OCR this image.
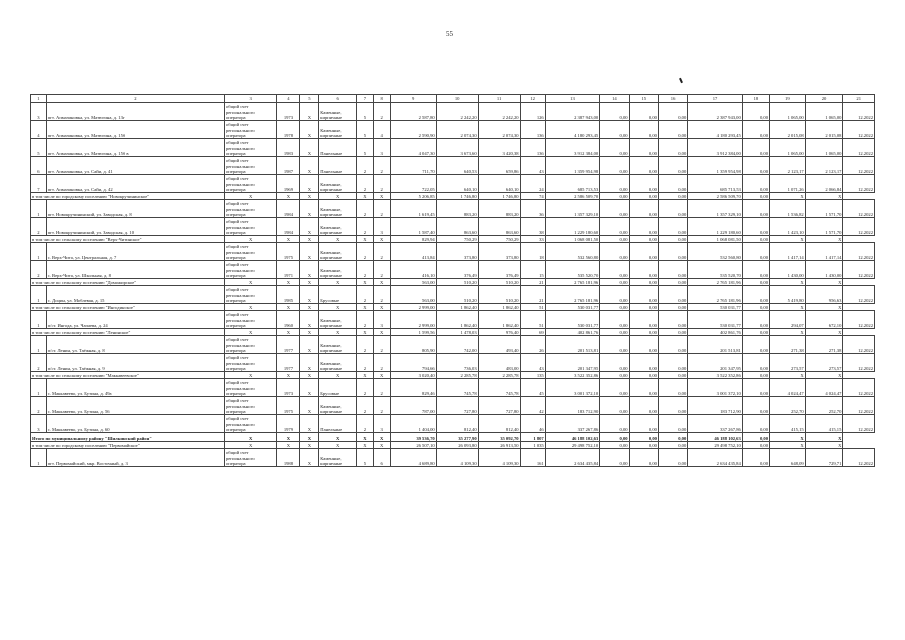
55
1	2	3	4	5	6	7	8	9	10	11	12	13	14	15	16	17	18	19	20	21
3	пгт. Апмазиновка, ул. Матюгина, д. 13г	общий счет регионального оператора	1973	X	Каменные, кирпичные	5	2	2 587,80	2 242,20	2 242,20	126	2 387 943,00	0,00	0,00	0,00	2 387 943,00	0,00	1 065,00	1 065,00	12.2022
4	пгт. Апмазиновка, ул. Матюгина, д. 15б	общий счет регионального оператора	1978	X	Каменные, кирпичные	5	4	2 590,90	2 074,30	2 074,30	136	4 180 293,45	0,00	0,00	0,00	4 180 293,45	0,00	2 015,08	2 015,08	12.2022
5	пгт. Апмазиновка, ул. Матюгина, д. 15б в	общий счет регионального оператора	1983	X	Панельные	5	3	4 047,30	3 673,60	3 420,38	136	3 912 384,00	0,00	0,00	0,00	3 912 384,00	0,00	1 065,00	1 065,00	12.2022
6	пгт. Апмазиновка, ул. Сайи, д. 41	общий счет регионального оператора	1987	X	Панельные	2	2	711,70	640,53	659,86	43	1 359 954,98	0,00	0,00	0,00	1 359 954,98	0,00	2 123,17	2 123,17	12.2022
7	пгт. Апмазиновка, ул. Сайи, д. 42	общий счет регионального оператора	1969	X	Каменные, кирпичные	2	2	722,05	640,10	640,10	24	685 713,53	0,00	0,00	0,00	685 713,53	0,00	1 071,26	2 066,84	12.2022
в том числе по городскому поселению "Новокручининское"		X	X	X	X	X	X	5 206,85	1 746,80	1 746,80	74	2 586 509,70	0,00	0,00	0,00	2 586 509,70	0,00	X	X	
1	пгт. Новокручининский, ул. Заводская, д. 8	общий счет регионального оператора	1984	X	Каменные, кирпичные	2	2	1 619,45	883,20	883,20	36	1 357 329,10	0,00	0,00	0,00	1 357 329,10	0,00	1 536,82	1 571,70	12.2022
2	пгт. Новокручининский, ул. Заводская, д. 10	общий счет регионального оператора	1984	X	Каменные, кирпичные	2	3	1 587,40	863,60	863,60	38	1 229 180,60	0,00	0,00	0,00	1 229 180,60	0,00	1 423,10	1 571,70	12.2022
в том числе по сельскому поселению "Верх-Читинское"		X	X	X	X	X	X	829,94	750,29	750,29	33	1 068 081,50	0,00	0,00	0,00	1 068 081,50	0,00	X	X	
1	с. Верх-Чита, ул. Центральная, д. 7	общий счет регионального оператора	1975	X	Каменные, кирпичные	2	2	413,84	373,80	373,80	18	532 560,80	0,00	0,00	0,00	532 560,80	0,00	1 417,14	1 417,14	12.2022
2	с. Верх-Чита, ул. Школьная, д. 8	общий счет регионального оператора	1971	X	Каменные, кирпичные	2	2	416,10	376,49	376,49	15	535 520,70	0,00	0,00	0,00	535 520,70	0,00	1 430,00	1 430,00	12.2022
в том числе по сельскому поселению "Доможирское"		X	X	X	X	X	X	563,00	510,20	510,20	21	2 765 181,96	0,00	0,00	0,00	2 765 181,96	0,00	X	X	
1	с. Доцин, ул. Моблевая, д. 15	общий счет регионального оператора	1985	X	Брусовые	2	2	563,00	510,20	510,20	21	2 765 181,96	0,00	0,00	0,00	2 765 181,96	0,00	5 419,80	956,63	12.2022
в том числе по сельскому поселению "Ингодинское"		X	X	X	X	X	X	2 999,00	1 862,40	1 862,40	51	530 031,77	0,00	0,00	0,00	530 031,77	0,00	X	X	
1	п/ст. Ингода, ул. Чапаева, д. 24	общий счет регионального оператора	1960	X	Каменные, кирпичные	2	3	2 999,00	1 862,40	1 862,40	51	530 031,77	0,00	0,00	0,00	530 031,77	0,00	294,07	672,10	12.2022
в том числе по сельскому поселению "Ленинское"		X	X	X	X	X	X	1 599,56	1 478,03	976,40	69	402 861,76	0,00	0,00	0,00	402 861,76	0,00	X	X	
1	п/ст. Ленин, ул. Таёжная, д. 8	общий счет регионального оператора	1977	X	Каменные, кирпичные	2	2	805,90	742,00	493,40	26	201 513,81	0,00	0,00	0,00	201 513,81	0,00	271,38	271,38	12.2022
2	п/ст. Ленин, ул. Таёжная, д. 9	общий счет регионального оператора	1977	X	Каменные, кирпичные	2	2	794,66	736,03	483,00	43	201 347,95	0,00	0,00	0,00	201 347,95	0,00	273,57	273,57	12.2022
в том числе по сельскому поселению "Маккавеевское"		X	X	X	X	X	X	3 020,40	2 285,78	2 285,78	135	3 522 352,86	0,00	0,00	0,00	3 522 352,86	0,00	X	X	
1	с. Маккавеево, ул. Бутина, д. 49а	общий счет регионального оператора	1973	X	Брусовые	2	2	829,46	745,78	745,78	45	3 001 372,10	0,00	0,00	0,00	3 001 372,10	0,00	4 024,47	4 024,47	12.2022
2	с. Маккавеево, ул. Бутина, д. 56	общий счет регионального оператора	1975	X	Каменные, кирпичные	2	2	787,00	727,80	727,80	42	183 712,90	0,00	0,00	0,00	183 712,90	0,00	252,70	252,70	12.2022
3	с. Маккавеево, ул. Бутина, д. 60	общий счет регионального оператора	1979	X	Панельные	2	3	1 404,00	812,40	812,40	46	337 267,86	0,00	0,00	0,00	337 267,86	0,00	415,15	415,15	12.2022
Итого по муниципальному району "Шилкинский район"		X	X	X	X	X	X	39 536,70	35 277,90	35 092,70	1 807	46 188 102,63	0,00	0,00	0,00	46 188 102,63	0,00	X	X	
в том числе по городскому поселению "Первомайское"		X	X	X	X	X	X	26 507,10	26 093,80	26 913,50	1 035	29 498 752,10	0,00	0,00	0,00	29 498 752,10	0,00	X	X	
1	пгт. Первомайский, мкр. Восточный, д. 3	общий счет регионального оператора	1988	X	Каменные, кирпичные	5	6	4 689,80	4 109,30	4 109,30	161	2 634 435,84	0,00	0,00	0,00	2 634 435,84	0,00	648,09	729,71	12.2022
